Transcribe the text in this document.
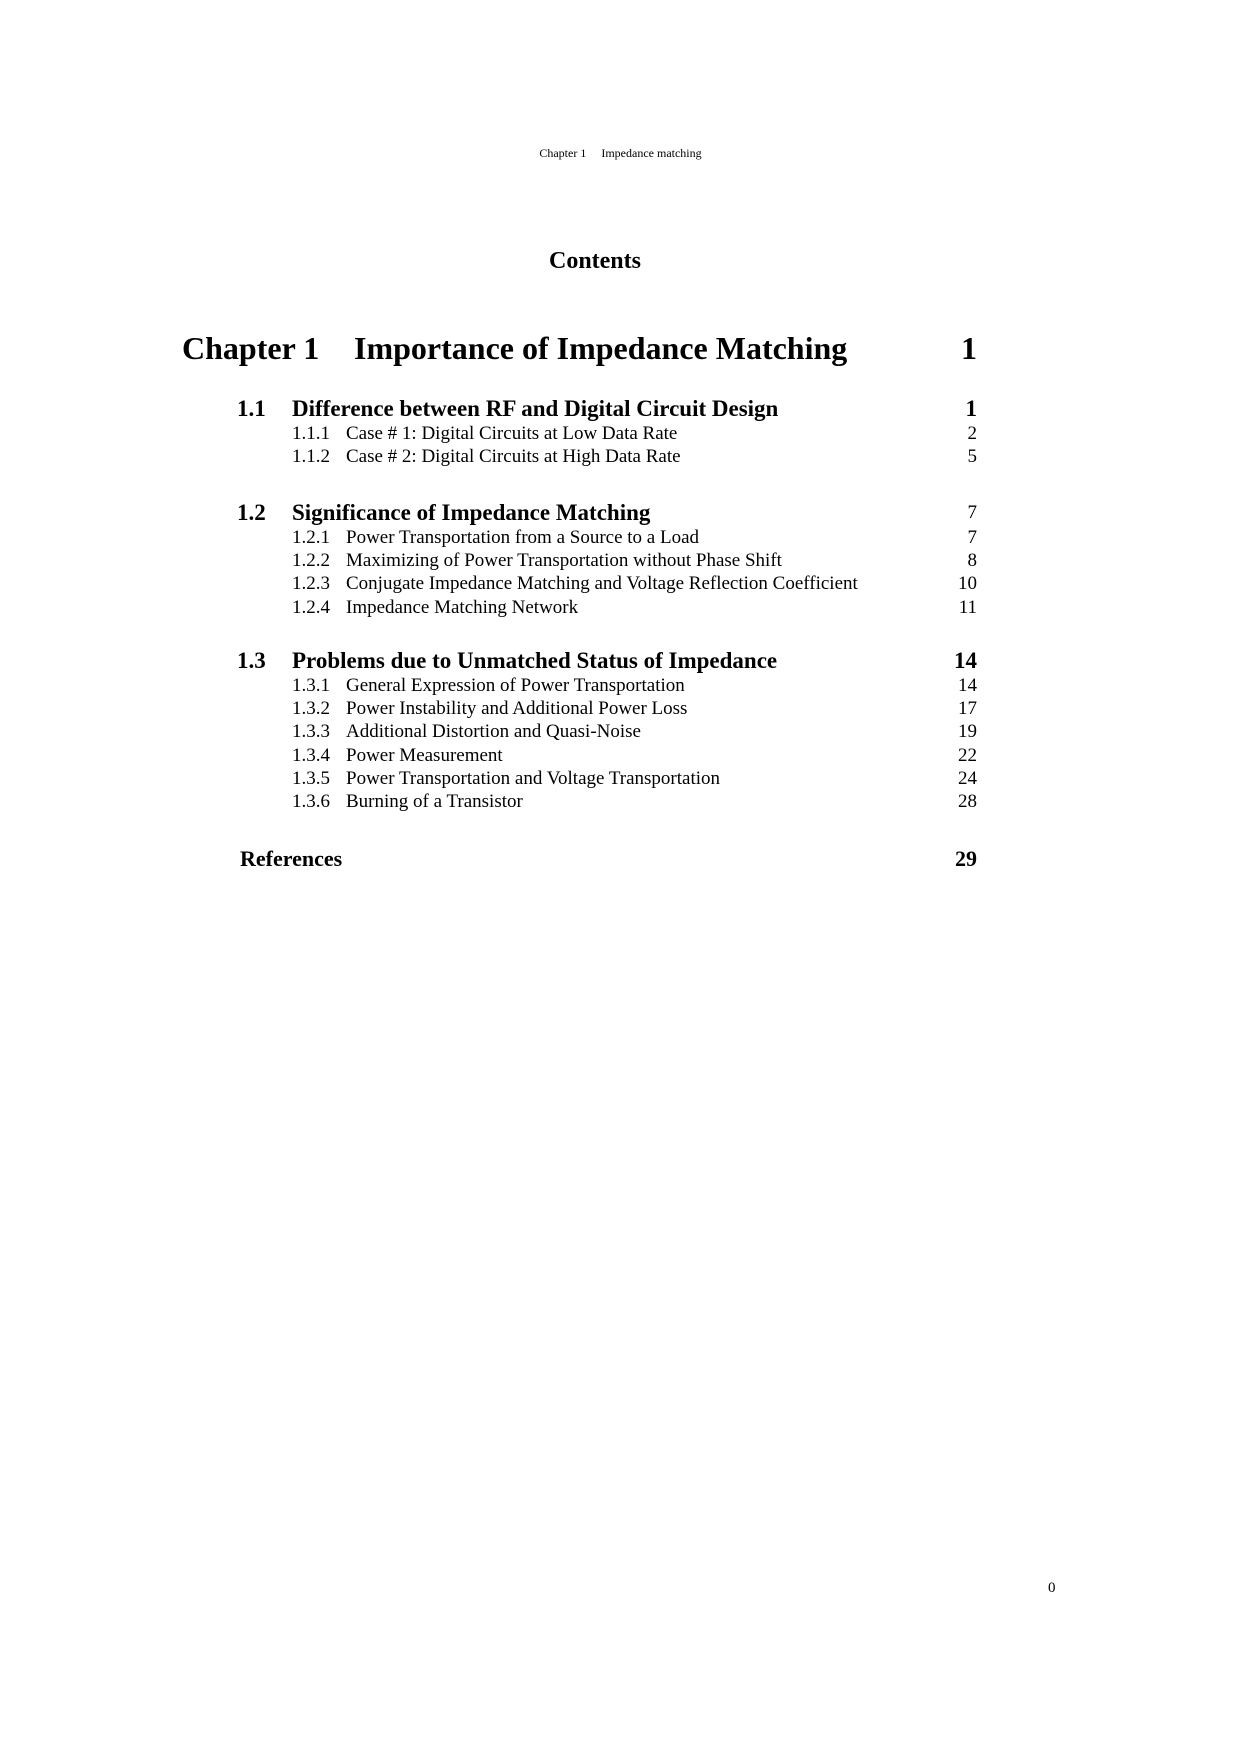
Chapter 1 Impedance matching
Contents
Chapter 1	Importance of Impedance Matching	1
1.1	Difference between RF and Digital Circuit Design	1
1.1.1 Case # 1: Digital Circuits at Low Data Rate	2
1.1.2 Case # 2: Digital Circuits at High Data Rate	5
1.2	Significance of Impedance Matching	7
1.2.1 Power Transportation from a Source to a Load	7
1.2.2 Maximizing of Power Transportation without Phase Shift	8
1.2.3 Conjugate Impedance Matching and Voltage Reflection Coefficient	10
1.2.4 Impedance Matching Network	11
1.3	Problems due to Unmatched Status of Impedance	14
1.3.1 General Expression of Power Transportation	14
1.3.2 Power Instability and Additional Power Loss	17
1.3.3 Additional Distortion and Quasi-Noise	19
1.3.4 Power Measurement	22
1.3.5 Power Transportation and Voltage Transportation	24
1.3.6 Burning of a Transistor	28
References	29
0
